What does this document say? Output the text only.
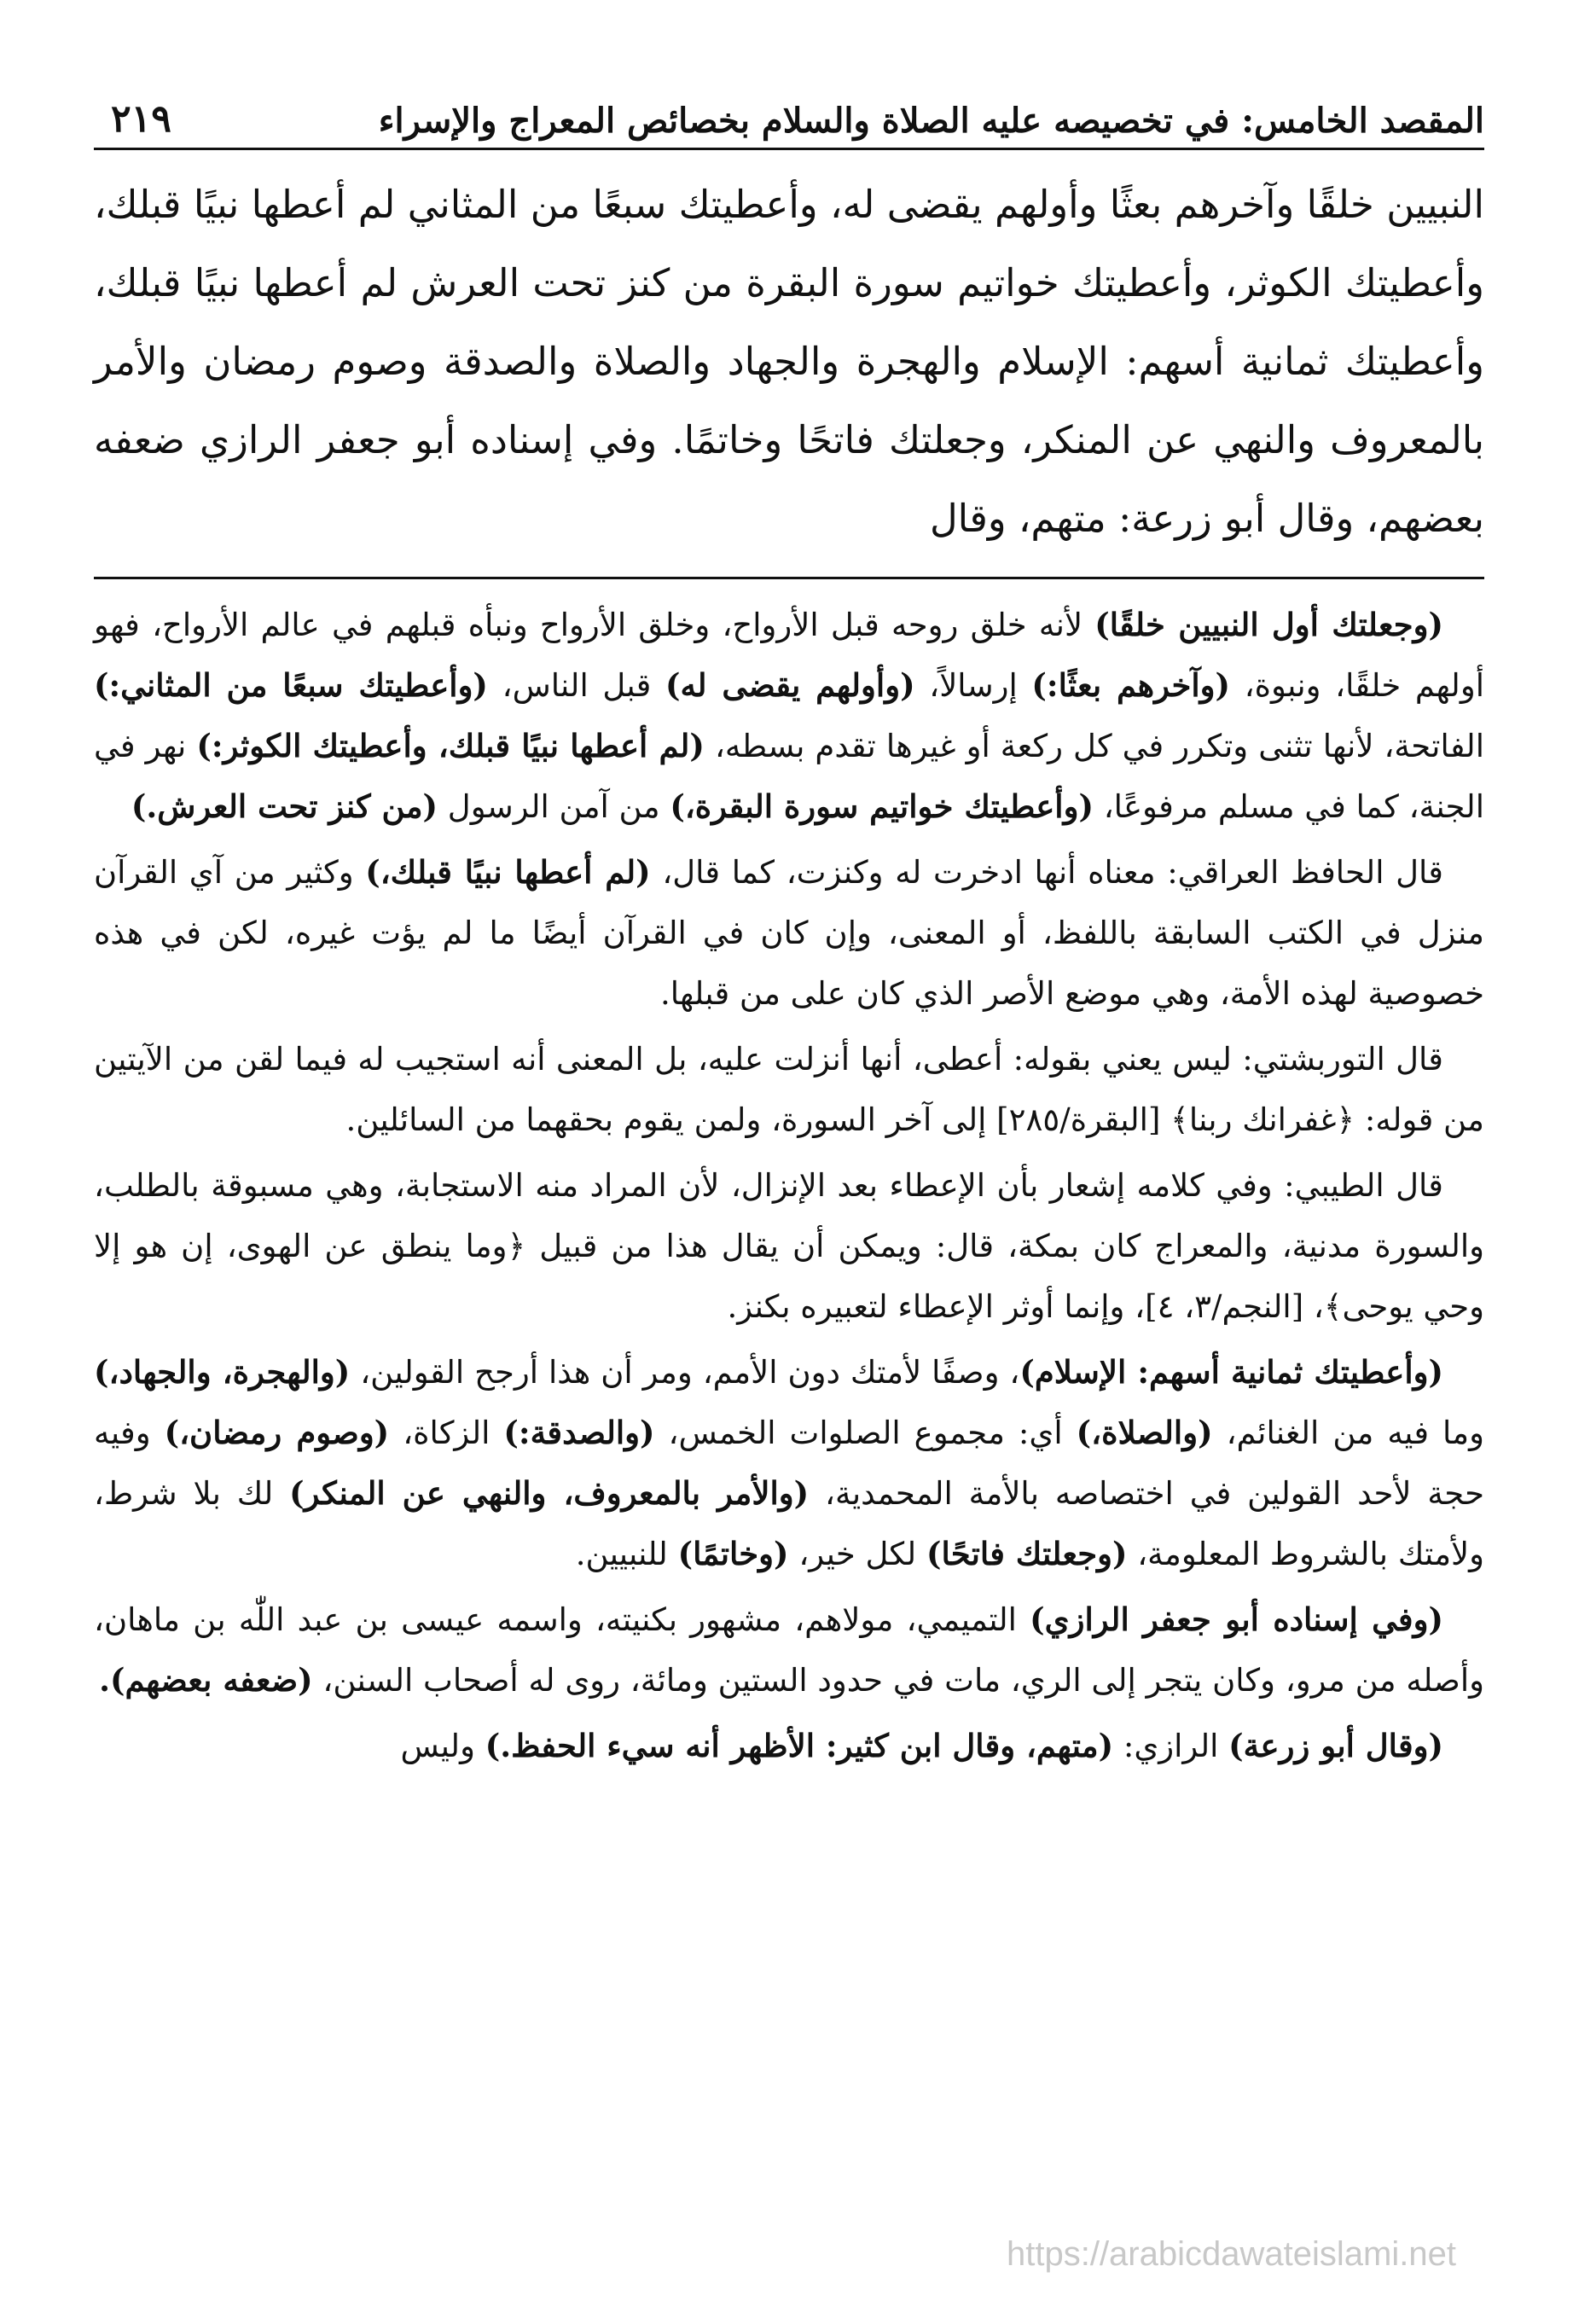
المقصد الخامس: في تخصيصه عليه الصلاة والسلام بخصائص المعراج والإسراء
٢١٩
النبيين خلقًا وآخرهم بعثًا وأولهم يقضى له، وأعطيتك سبعًا من المثاني لم أعطها نبيًا قبلك، وأعطيتك الكوثر، وأعطيتك خواتيم سورة البقرة من كنز تحت العرش لم أعطها نبيًا قبلك، وأعطيتك ثمانية أسهم: الإسلام والهجرة والجهاد والصلاة والصدقة وصوم رمضان والأمر بالمعروف والنهي عن المنكر، وجعلتك فاتحًا وخاتمًا. وفي إسناده أبو جعفر الرازي ضعفه بعضهم، وقال أبو زرعة: متهم، وقال

(وجعلتك أول النبيين خلقًا) لأنه خلق روحه قبل الأرواح، وخلق الأرواح ونبأه قبلهم في عالم الأرواح، فهو أولهم خلقًا، ونبوة، (وآخرهم بعثًا:) إرسالاً، (وأولهم يقضى له) قبل الناس، (وأعطيتك سبعًا من المثاني:) الفاتحة، لأنها تثنى وتكرر في كل ركعة أو غيرها تقدم بسطه، (لم أعطها نبيًا قبلك، وأعطيتك الكوثر:) نهر في الجنة، كما في مسلم مرفوعًا، (وأعطيتك خواتيم سورة البقرة،) من آمن الرسول (من كنز تحت العرش.)

قال الحافظ العراقي: معناه أنها ادخرت له وكنزت، كما قال، (لم أعطها نبيًا قبلك،) وكثير من آي القرآن منزل في الكتب السابقة باللفظ، أو المعنى، وإن كان في القرآن أيضًا ما لم يؤت غيره، لكن في هذه خصوصية لهذه الأمة، وهي موضع الأصر الذي كان على من قبلها.

قال التوربشتي: ليس يعني بقوله: أعطى، أنها أنزلت عليه، بل المعنى أنه استجيب له فيما لقن من الآيتين من قوله: ﴿غفرانك ربنا﴾ [البقرة/٢٨٥] إلى آخر السورة، ولمن يقوم بحقهما من السائلين.

قال الطيبي: وفي كلامه إشعار بأن الإعطاء بعد الإنزال، لأن المراد منه الاستجابة، وهي مسبوقة بالطلب، والسورة مدنية، والمعراج كان بمكة، قال: ويمكن أن يقال هذا من قبيل ﴿وما ينطق عن الهوى، إن هو إلا وحي يوحى﴾، [النجم/٣، ٤]، وإنما أوثر الإعطاء لتعبيره بكنز.

(وأعطيتك ثمانية أسهم: الإسلام)، وصفًا لأمتك دون الأمم، ومر أن هذا أرجح القولين، (والهجرة، والجهاد،) وما فيه من الغنائم، (والصلاة،) أي: مجموع الصلوات الخمس، (والصدقة:) الزكاة، (وصوم رمضان،) وفيه حجة لأحد القولين في اختصاصه بالأمة المحمدية، (والأمر بالمعروف، والنهي عن المنكر) لك بلا شرط، ولأمتك بالشروط المعلومة، (وجعلتك فاتحًا) لكل خير، (وخاتمًا) للنبيين.

(وفي إسناده أبو جعفر الرازي) التميمي، مولاهم، مشهور بكنيته، واسمه عيسى بن عبد اللّٰه بن ماهان، وأصله من مرو، وكان يتجر إلى الري، مات في حدود الستين ومائة، روى له أصحاب السنن، (ضعفه بعضهم).

(وقال أبو زرعة) الرازي: (متهم، وقال ابن كثير: الأظهر أنه سيء الحفظ.) وليس

https://arabicdawateislami.net
